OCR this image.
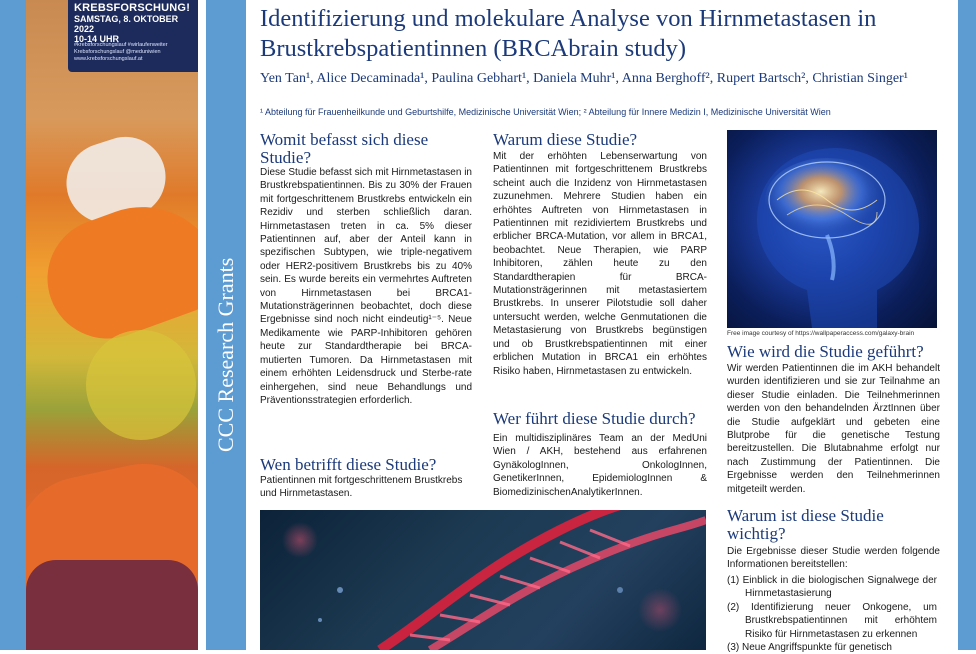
KREBSFORSCHUNG!
SAMSTAG, 8. OKTOBER 2022
10-14 UHR
#krebsforschungslauf #wirlaufenweiter
Krebsforschungslauf @meduniwien
www.krebsforschungslauf.at
CCC Research Grants
Identifizierung und molekulare Analyse von Hirnmetastasen in Brustkrebspatientinnen (BRCAbrain study)
Yen Tan¹, Alice Decaminada¹, Paulina Gebhart¹, Daniela Muhr¹, Anna Berghoff², Rupert Bartsch², Christian Singer¹
¹ Abteilung für Frauenheilkunde und Geburtshilfe, Medizinische Universität Wien; ² Abteilung für Innere Medizin I, Medizinische Universität Wien
Womit befasst sich diese Studie?
Diese Studie befasst sich mit Hirnmetastasen in Brustkrebspatientinnen. Bis zu 30% der Frauen mit fortgeschrittenem Brustkrebs entwickeln ein Rezidiv und sterben schließlich daran. Hirnmetastasen treten in ca. 5% dieser Patientinnen auf, aber der Anteil kann in spezifischen Subtypen, wie triple-negativem oder HER2-positivem Brustkrebs bis zu 40% sein. Es wurde bereits ein vermehrtes Auftreten von Hirnmetastasen bei BRCA1-Mutationsträgerinnen beobachtet, doch diese Ergebnisse sind noch nicht eindeutig¹⁻⁵. Neue Medikamente wie PARP-Inhibitoren gehören heute zur Standardtherapie bei BRCA-mutierten Tumoren. Da Hirnmetastasen mit einem erhöhten Leidensdruck und Sterbe-rate einhergehen, sind neue Behandlungs und Präventionsstrategien erforderlich.
Wen betrifft diese Studie?
Patientinnen mit fortgeschrittenem Brustkrebs und Hirnmetastasen.
Warum diese Studie?
Mit der erhöhten Lebenserwartung von Patientinnen mit fortgeschrittenem Brustkrebs scheint auch die Inzidenz von Hirnmetastasen zuzunehmen. Mehrere Studien haben ein erhöhtes Auftreten von Hirnmetastasen in Patientinnen mit rezidiviertem Brustkrebs und erblicher BRCA-Mutation, vor allem in BRCA1, beobachtet. Neue Therapien, wie PARP Inhibitoren, zählen heute zu den Standardtherapien für BRCA-Mutationsträgerinnen mit metastasiertem Brustkrebs. In unserer Pilotstudie soll daher untersucht werden, welche Genmutationen die Metastasierung von Brustkrebs begünstigen und ob Brustkrebspatientinnen mit einer erblichen Mutation in BRCA1 ein erhöhtes Risiko haben, Hirnmetastasen zu entwickeln.
Wer führt diese Studie durch?
Ein multidisziplinäres Team an der MedUni Wien / AKH, bestehend aus erfahrenen GynäkologInnen, OnkologInnen, GenetikerInnen, EpidemiologInnen & BiomedizinischenAnalytikerInnen.
Free image courtesy of https://wallpaperaccess.com/galaxy-brain
Wie wird die Studie geführt?
Wir werden Patientinnen die im AKH behandelt wurden identifizieren und sie zur Teilnahme an dieser Studie einladen. Die Teilnehmerinnen werden von den behandelnden ÄrztInnen über die Studie aufgeklärt und gebeten eine Blutprobe für die genetische Testung bereitzustellen. Die Blutabnahme erfolgt nur nach Zustimmung der Patientinnen. Die Ergebnisse werden den Teilnehmerinnen mitgeteilt werden.
Warum ist diese Studie wichtig?
Die Ergebnisse dieser Studie werden folgende Informationen bereitstellen:
(1) Einblick in die biologischen Signalwege der Hirnmetastasierung
(2) Identifizierung neuer Onkogene, um Brustkrebspatientinnen mit erhöhtem Risiko für Hirnmetastasen zu erkennen
(3) Neue Angriffspunkte für genetisch
